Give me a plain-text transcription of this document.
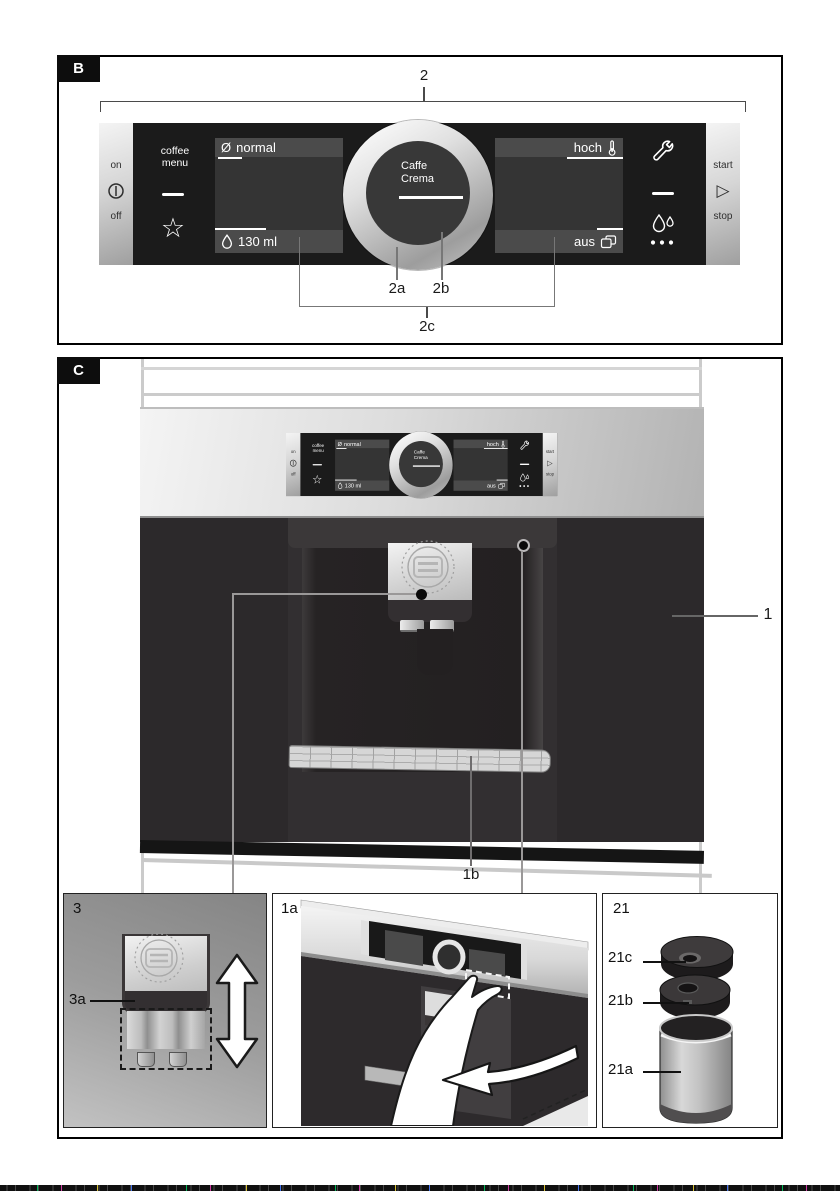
B	2
on
off
coffee
menu
☆
Ø normal
130 ml
Caffe
Crema
hoch
aus
start
▷
stop
2a	2b
2c
C
on
off
coffee
menu
☆
Ø normal
130 ml
Caffe
Crema
hoch
aus
start
▷
stop
1b
1
3
3a
1a	21
21c
21b
21a
